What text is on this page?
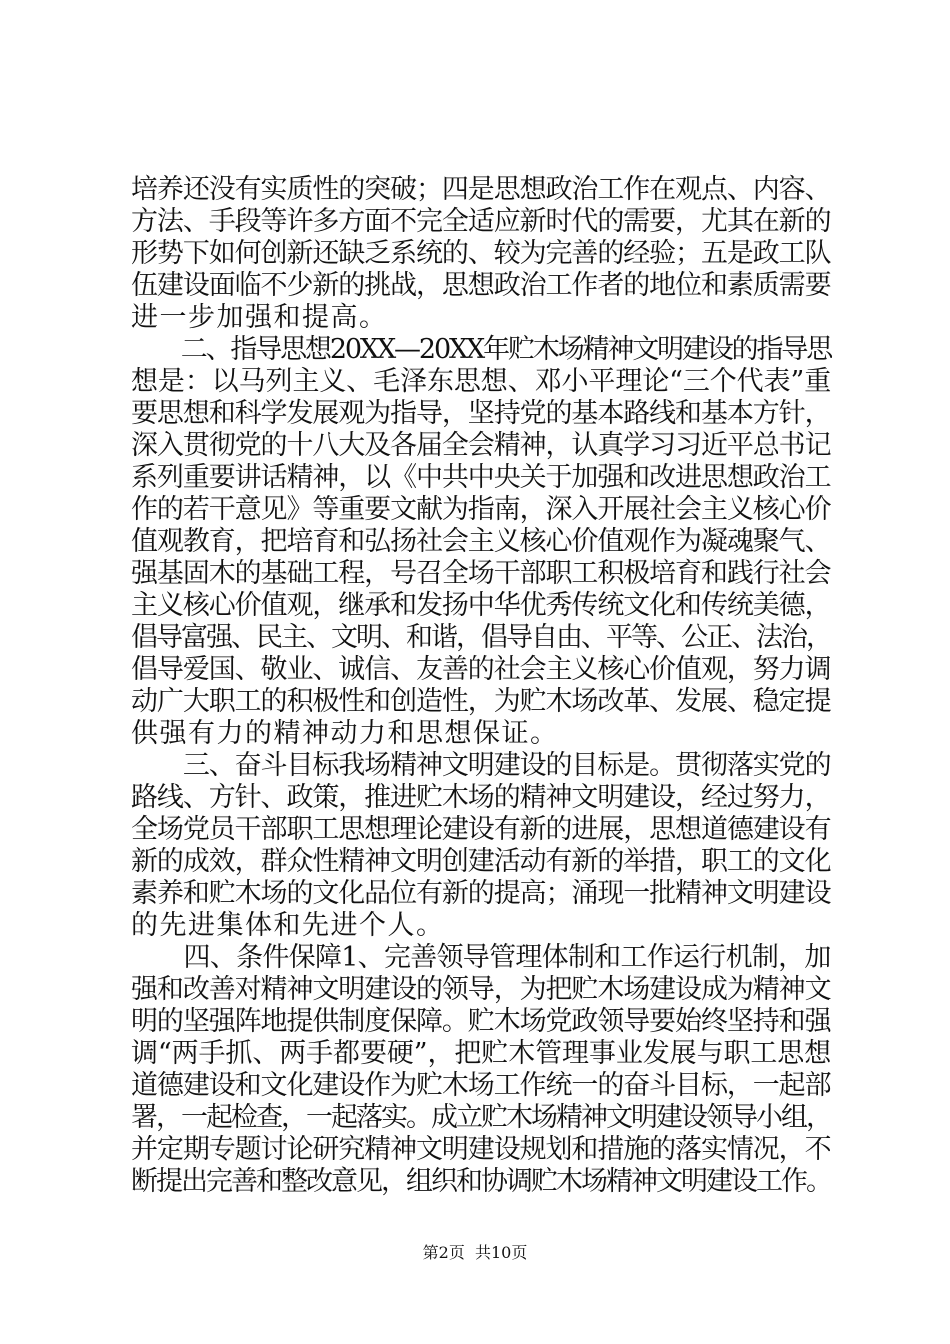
培养还没有实质性的突破；四是思想政治工作在观点、内容、
方法、手段等许多方面不完全适应新时代的需要，尤其在新的
形势下如何创新还缺乏系统的、较为完善的经验；五是政工队
伍建设面临不少新的挑战，思想政治工作者的地位和素质需要
进一步加强和提高。
　　二、指导思想20XX—20XX年贮木场精神文明建设的指导思
想是：以马列主义、毛泽东思想、邓小平理论“三个代表”重
要思想和科学发展观为指导，坚持党的基本路线和基本方针，
深入贯彻党的十八大及各届全会精神，认真学习习近平总书记
系列重要讲话精神，以《中共中央关于加强和改进思想政治工
作的若干意见》等重要文献为指南，深入开展社会主义核心价
值观教育，把培育和弘扬社会主义核心价值观作为凝魂聚气、
强基固木的基础工程，号召全场干部职工积极培育和践行社会
主义核心价值观，继承和发扬中华优秀传统文化和传统美德，
倡导富强、民主、文明、和谐，倡导自由、平等、公正、法治，
倡导爱国、敬业、诚信、友善的社会主义核心价值观，努力调
动广大职工的积极性和创造性，为贮木场改革、发展、稳定提
供强有力的精神动力和思想保证。
　　三、奋斗目标我场精神文明建设的目标是。贯彻落实党的
路线、方针、政策，推进贮木场的精神文明建设，经过努力，
全场党员干部职工思想理论建设有新的进展，思想道德建设有
新的成效，群众性精神文明创建活动有新的举措，职工的文化
素养和贮木场的文化品位有新的提高；涌现一批精神文明建设
的先进集体和先进个人。
　　四、条件保障1、完善领导管理体制和工作运行机制，加
强和改善对精神文明建设的领导，为把贮木场建设成为精神文
明的坚强阵地提供制度保障。贮木场党政领导要始终坚持和强
调“两手抓、两手都要硬”，把贮木管理事业发展与职工思想
道德建设和文化建设作为贮木场工作统一的奋斗目标，一起部
署，一起检查，一起落实。成立贮木场精神文明建设领导小组，
并定期专题讨论研究精神文明建设规划和措施的落实情况，不
断提出完善和整改意见，组织和协调贮木场精神文明建设工作。
第2页  共10页
